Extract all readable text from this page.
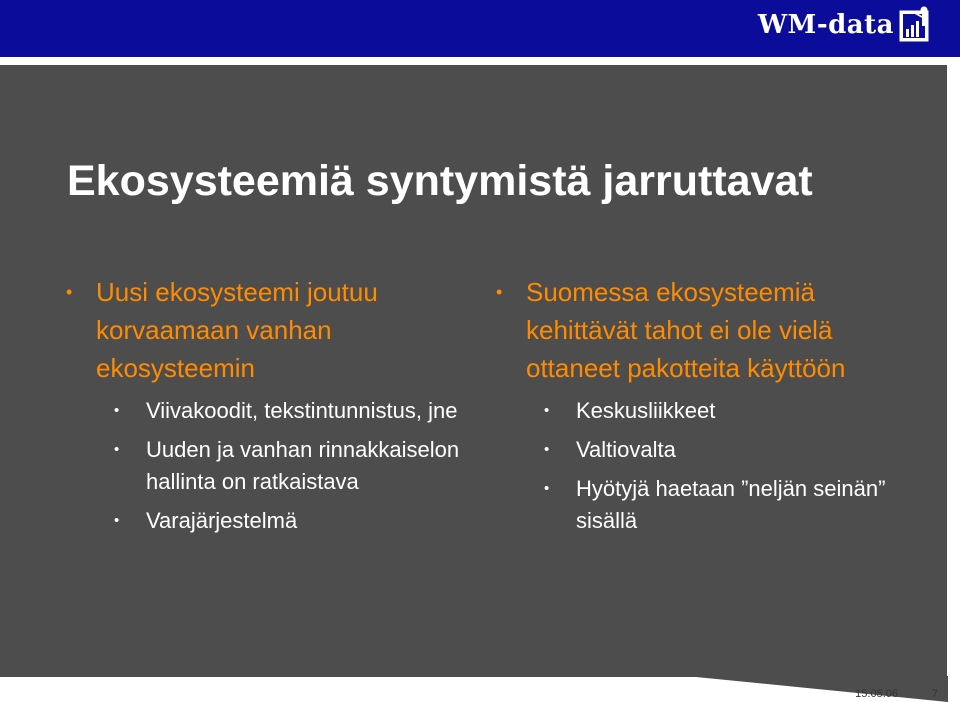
WM-data
Ekosysteemiä syntymistä jarruttavat
• Uusi ekosysteemi joutuu korvaamaan vanhan ekosysteemin
• Viivakoodit, tekstintunnistus, jne
• Uuden ja vanhan rinnakkaiselon hallinta on ratkaistava
• Varajärjestelmä
• Suomessa ekosysteemiä kehittävät tahot ei ole vielä ottaneet pakotteita käyttöön
• Keskusliikkeet
• Valtiovalta
• Hyötyjä haetaan ”neljän seinän” sisällä
15.05.06	7
